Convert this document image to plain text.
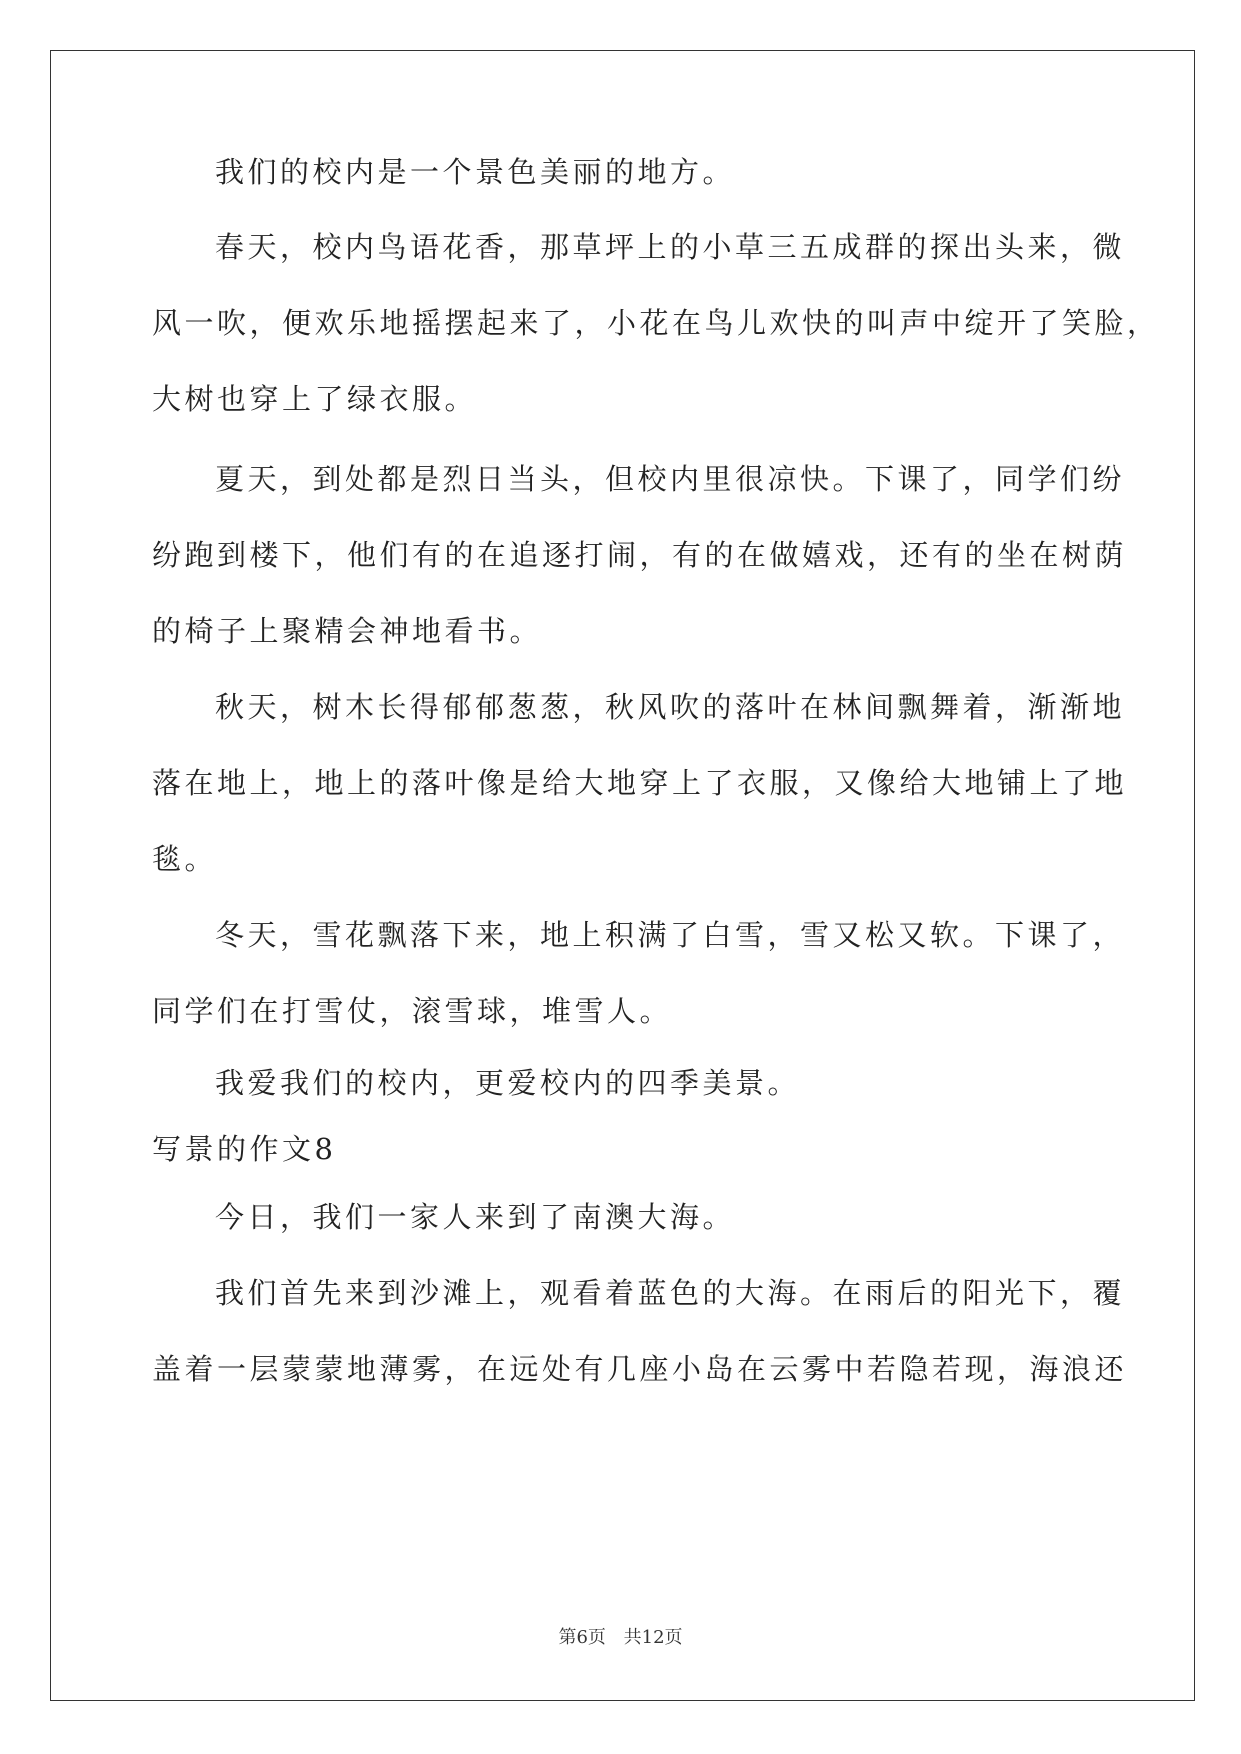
我们的校内是一个景色美丽的地方。
春天，校内鸟语花香，那草坪上的小草三五成群的探出头来，微
风一吹，便欢乐地摇摆起来了，小花在鸟儿欢快的叫声中绽开了笑脸，
大树也穿上了绿衣服。
夏天，到处都是烈日当头，但校内里很凉快。下课了，同学们纷
纷跑到楼下，他们有的在追逐打闹，有的在做嬉戏，还有的坐在树荫
的椅子上聚精会神地看书。
秋天，树木长得郁郁葱葱，秋风吹的落叶在林间飘舞着，渐渐地
落在地上，地上的落叶像是给大地穿上了衣服，又像给大地铺上了地
毯。
冬天，雪花飘落下来，地上积满了白雪，雪又松又软。下课了，
同学们在打雪仗，滚雪球，堆雪人。
我爱我们的校内，更爱校内的四季美景。
写景的作文8
今日，我们一家人来到了南澳大海。
我们首先来到沙滩上，观看着蓝色的大海。在雨后的阳光下，覆
盖着一层蒙蒙地薄雾，在远处有几座小岛在云雾中若隐若现，海浪还
第6页 共12页
